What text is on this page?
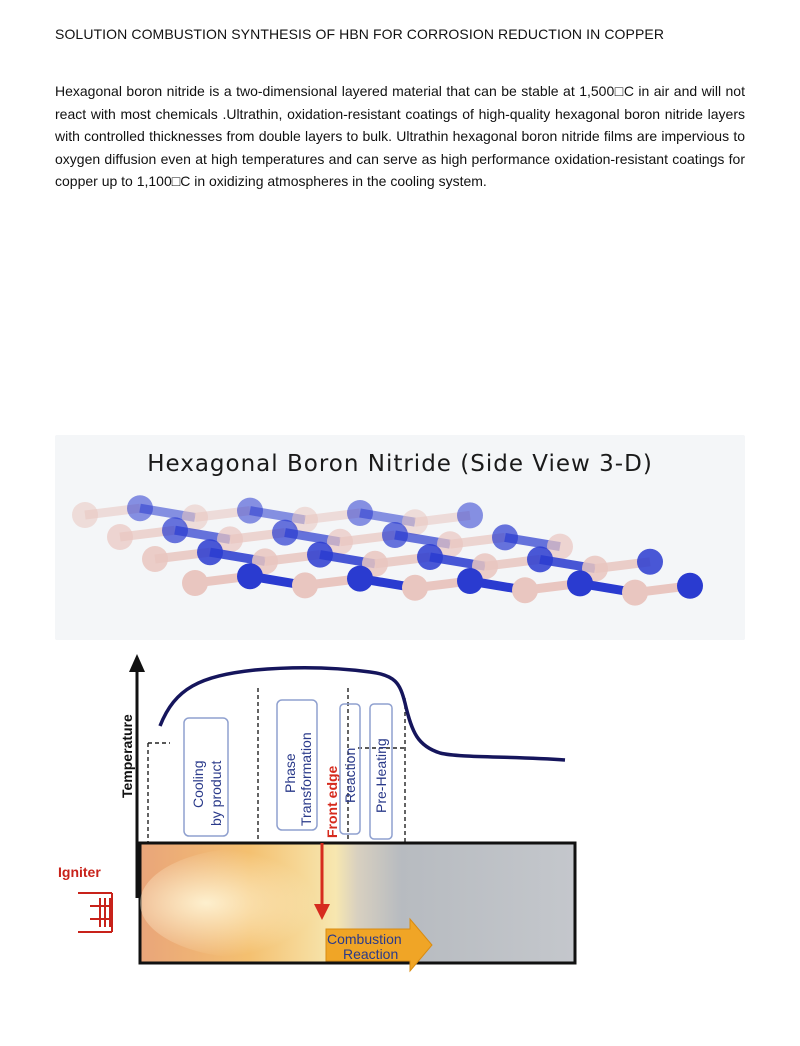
SOLUTION COMBUSTION SYNTHESIS OF HBN FOR CORROSION REDUCTION IN COPPER
Hexagonal boron nitride is a two-dimensional layered material that can be stable at 1,500□C in air and will not react with most chemicals .Ultrathin, oxidation-resistant coatings of high-quality hexagonal boron nitride layers with controlled thicknesses from double layers to bulk. Ultrathin hexagonal boron nitride films are impervious to oxygen diffusion even at high temperatures and can serve as high performance oxidation-resistant coatings for copper up to 1,100□C in oxidizing atmospheres in the cooling system.
Hexagonal Boron Nitride (Side View 3-D)
Temperature	Cooling by product	Phase Transformation Front edge Reaction Pre-Heating
Igniter
Combustion
Reaction
